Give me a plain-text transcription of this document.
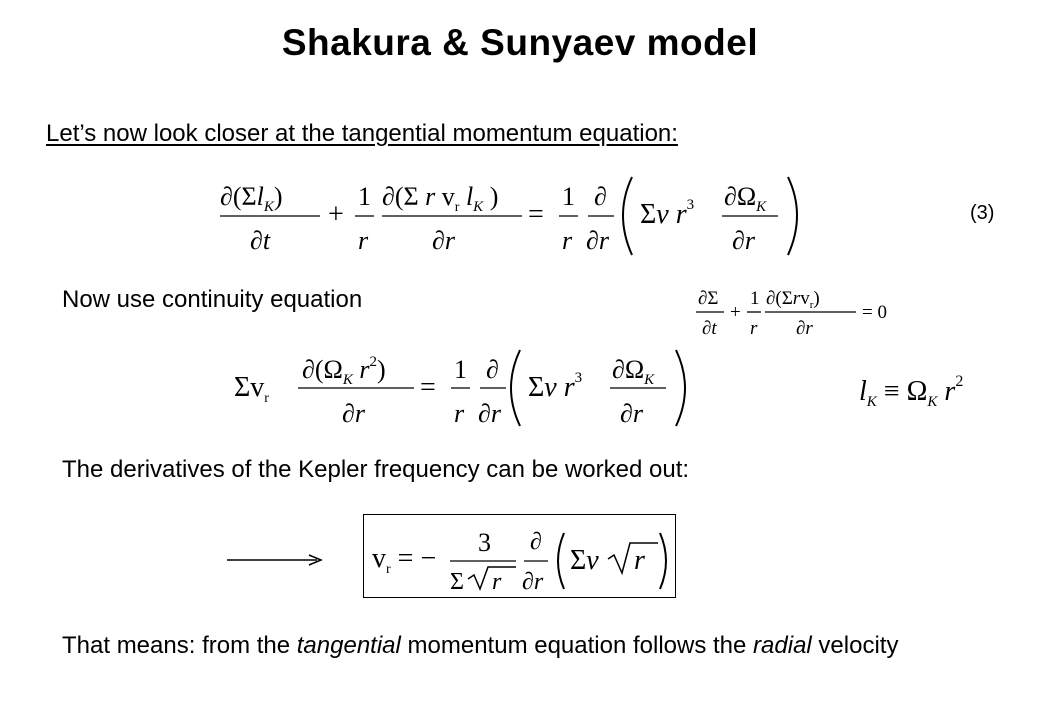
Shakura & Sunyaev model
Let’s now look closer at the tangential momentum equation:
$\partial(\Sigma l_K)$
∂t
+
1
r
∂(Σ r $v_r$ $l_K$ )
∂r
=
1
r
∂
∂r
Σν $r^3$ $\partial\Omega_K$
∂r
(3)
Now use continuity equation	∂Σ
∂t
+
1
r
∂(Σrv$_r$)
∂r
= 0
$\Sigma v_r$
$\partial(\Omega_K$ $r^2$)
∂r
=
1
r
∂
∂r
Σν $r^3$ $\partial\Omega_K$
∂r
$l_K \equiv \Omega_K$ $r^2$
The derivatives of the Kepler frequency can be worked out:
$v_r$ = −
3
Σ r
∂
∂r
Σν r
That means: from the tangential momentum equation follows the radial velocity
